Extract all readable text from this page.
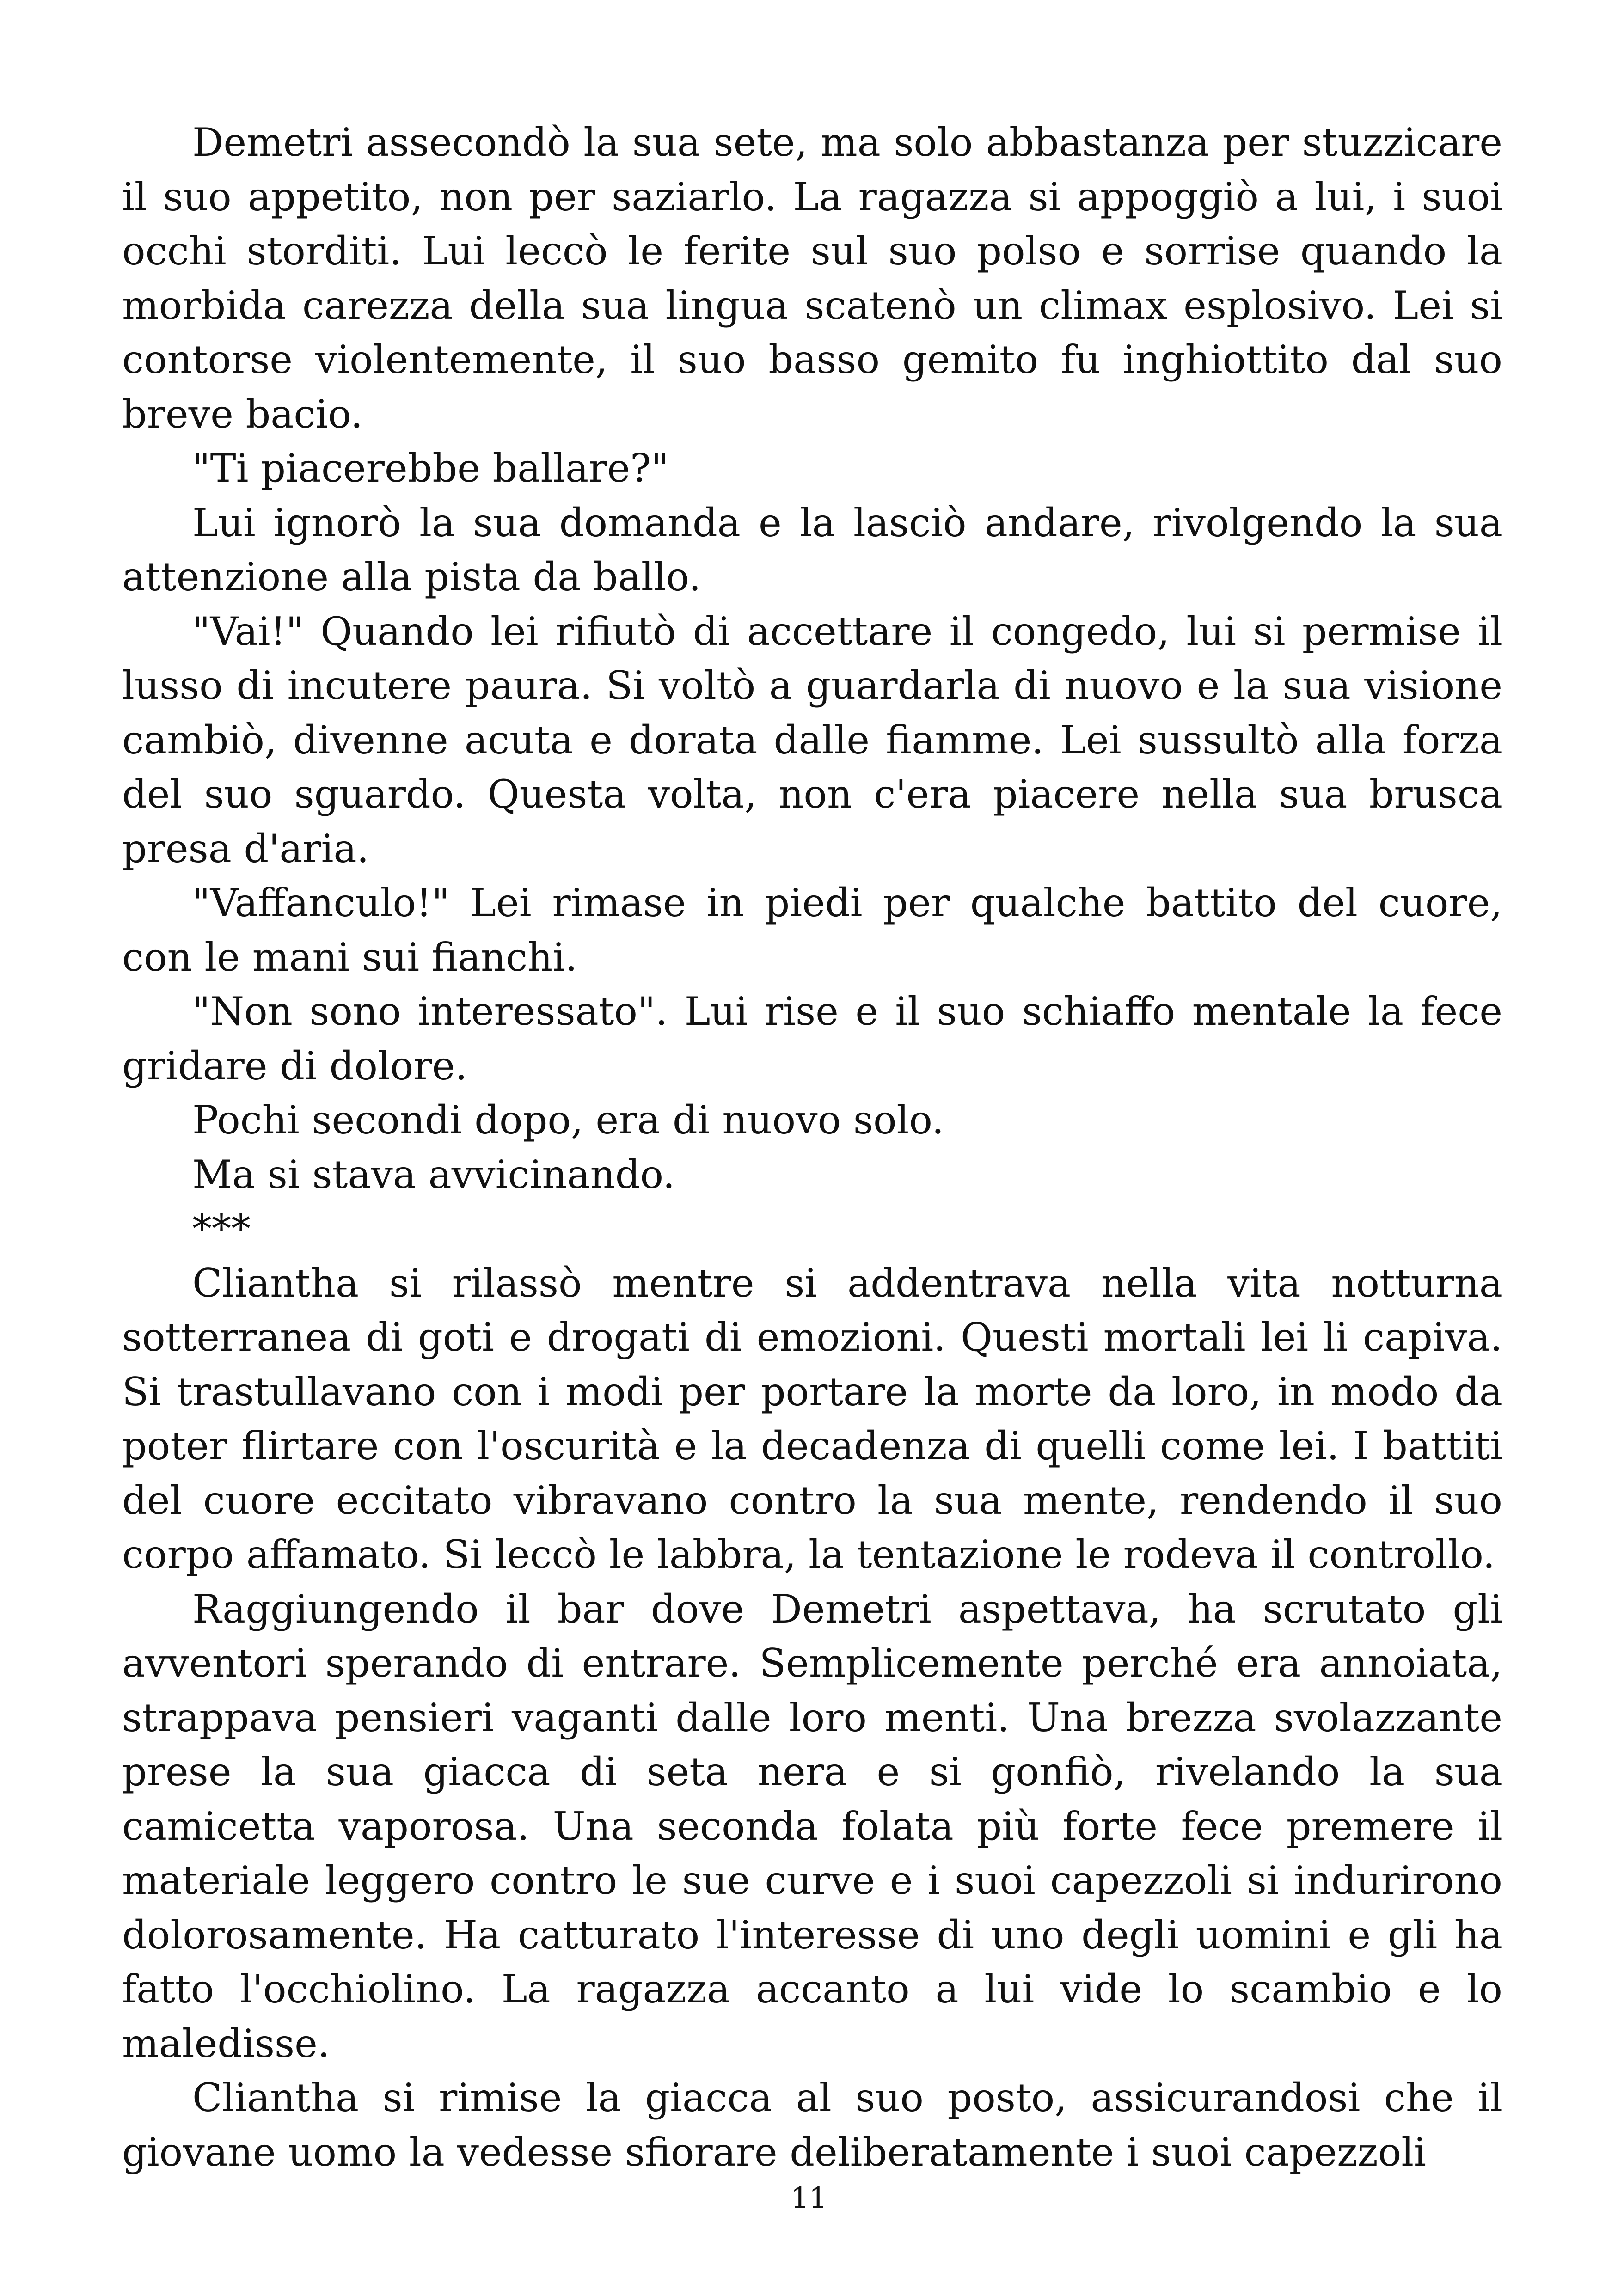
Demetri assecondò la sua sete, ma solo abbastanza per stuzzicare il suo appetito, non per saziarlo. La ragazza si appoggiò a lui, i suoi occhi storditi. Lui leccò le ferite sul suo polso e sorrise quando la morbida carezza della sua lingua scatenò un climax esplosivo. Lei si contorse violentemente, il suo basso gemito fu inghiottito dal suo breve bacio.

"Ti piacerebbe ballare?"

Lui ignorò la sua domanda e la lasciò andare, rivolgendo la sua attenzione alla pista da ballo.

"Vai!" Quando lei rifiutò di accettare il congedo, lui si permise il lusso di incutere paura. Si voltò a guardarla di nuovo e la sua visione cambiò, divenne acuta e dorata dalle fiamme. Lei sussultò alla forza del suo sguardo. Questa volta, non c'era piacere nella sua brusca presa d'aria.

"Vaffanculo!" Lei rimase in piedi per qualche battito del cuore, con le mani sui fianchi.

"Non sono interessato". Lui rise e il suo schiaffo mentale la fece gridare di dolore.

Pochi secondi dopo, era di nuovo solo.

Ma si stava avvicinando.

***

Cliantha si rilassò mentre si addentrava nella vita notturna sotterranea di goti e drogati di emozioni. Questi mortali lei li capiva. Si trastullavano con i modi per portare la morte da loro, in modo da poter flirtare con l'oscurità e la decadenza di quelli come lei. I battiti del cuore eccitato vibravano contro la sua mente, rendendo il suo corpo affamato. Si leccò le labbra, la tentazione le rodeva il controllo.

Raggiungendo il bar dove Demetri aspettava, ha scrutato gli avventori sperando di entrare. Semplicemente perché era annoiata, strappava pensieri vaganti dalle loro menti. Una brezza svolazzante prese la sua giacca di seta nera e si gonfiò, rivelando la sua camicetta vaporosa. Una seconda folata più forte fece premere il materiale leggero contro le sue curve e i suoi capezzoli si indurirono dolorosamente. Ha catturato l'interesse di uno degli uomini e gli ha fatto l'occhiolino. La ragazza accanto a lui vide lo scambio e lo maledisse.

Cliantha si rimise la giacca al suo posto, assicurandosi che il giovane uomo la vedesse sfiorare deliberatamente i suoi capezzoli

11
